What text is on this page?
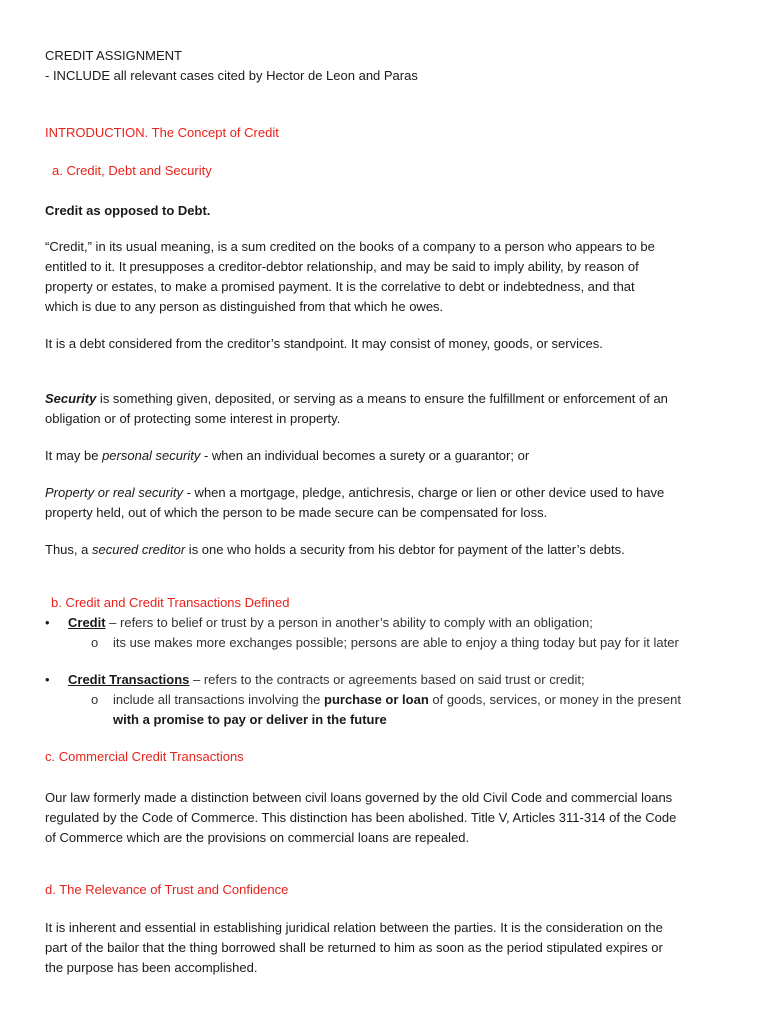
CREDIT ASSIGNMENT
- INCLUDE all relevant cases cited by Hector de Leon and Paras
INTRODUCTION. The Concept of Credit
a. Credit, Debt and Security
Credit as opposed to Debt.
“Credit,” in its usual meaning, is a sum credited on the books of a company to a person who appears to be
entitled to it. It presupposes a creditor-debtor relationship, and may be said to imply ability, by reason of
property or estates, to make a promised payment. It is the correlative to debt or indebtedness, and that
which is due to any person as distinguished from that which he owes.
It is a debt considered from the creditor’s standpoint. It may consist of money, goods, or services.
Security is something given, deposited, or serving as a means to ensure the fulfillment or enforcement of an
obligation or of protecting some interest in property.
It may be personal security - when an individual becomes a surety or a guarantor; or
Property or real security - when a mortgage, pledge, antichresis, charge or lien or other device used to have
property held, out of which the person to be made secure can be compensated for loss.
Thus, a secured creditor is one who holds a security from his debtor for payment of the latter’s debts.
b. Credit and Credit Transactions Defined
• Credit – refers to belief or trust by a person in another’s ability to comply with an obligation;
o its use makes more exchanges possible; persons are able to enjoy a thing today but pay for it later
• Credit Transactions – refers to the contracts or agreements based on said trust or credit;
o include all transactions involving the purchase or loan of goods, services, or money in the present
with a promise to pay or deliver in the future
c. Commercial Credit Transactions
Our law formerly made a distinction between civil loans governed by the old Civil Code and commercial loans
regulated by the Code of Commerce. This distinction has been abolished. Title V, Articles 311-314 of the Code
of Commerce which are the provisions on commercial loans are repealed.
d. The Relevance of Trust and Confidence
It is inherent and essential in establishing juridical relation between the parties. It is the consideration on the
part of the bailor that the thing borrowed shall be returned to him as soon as the period stipulated expires or
the purpose has been accomplished.
